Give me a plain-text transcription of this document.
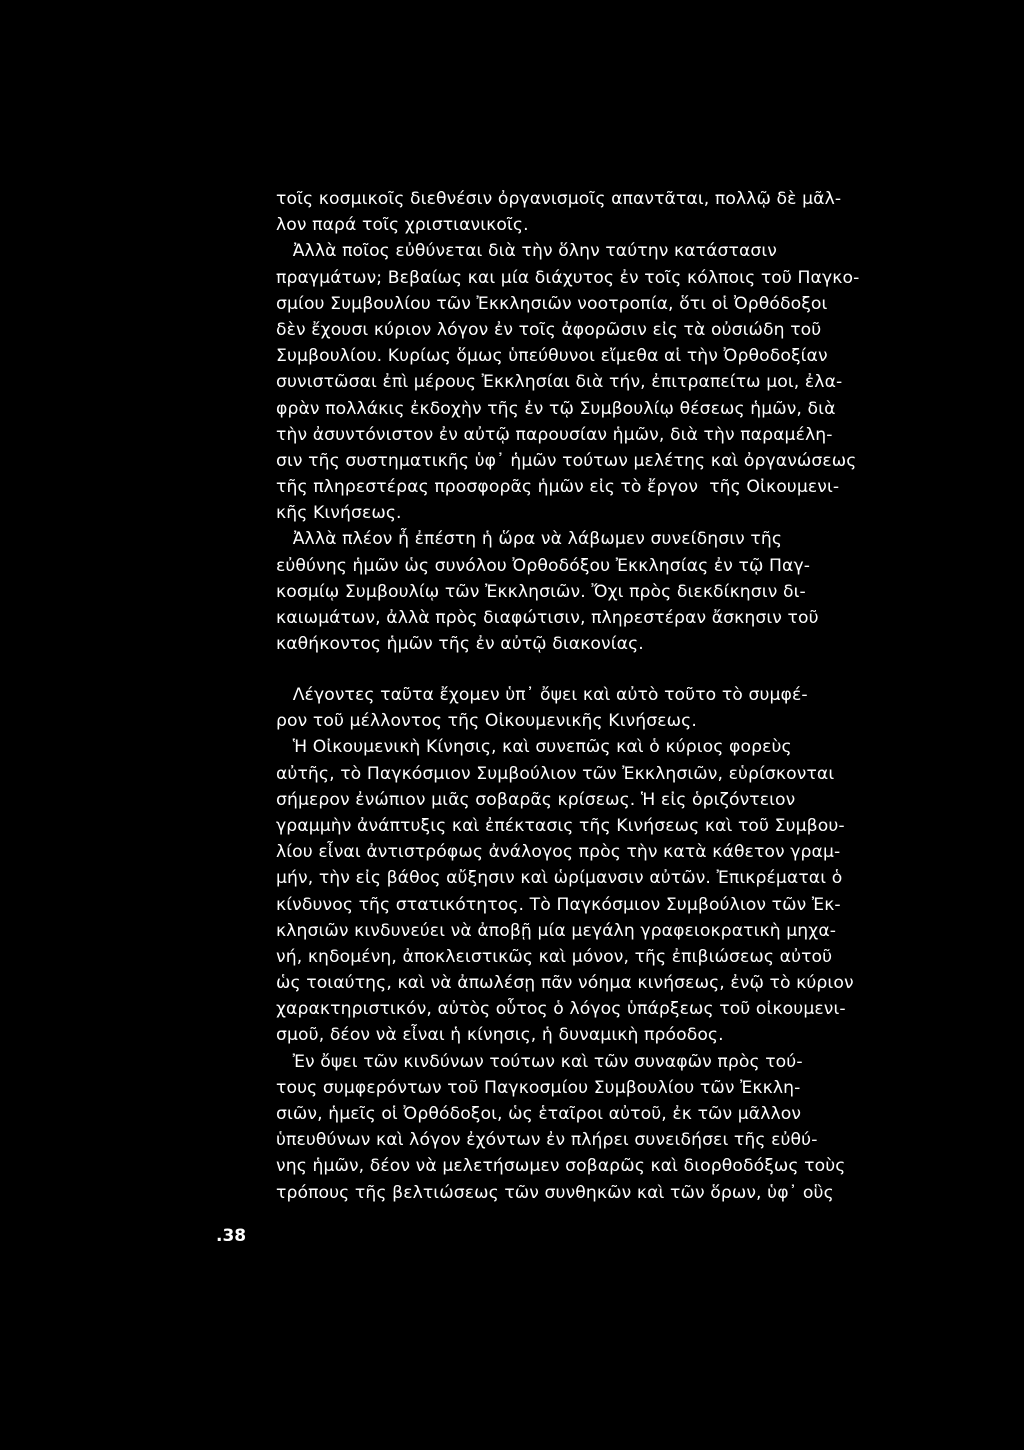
τοῖς κοσμικοῖς διεθνέσιν ὀργανισμοῖς απαντᾶται, πολλῷ δὲ μᾶλ-
λον παρά τοῖς χριστιανικοῖς.
Ἀλλὰ ποῖος εὐθύνεται διὰ τὴν ὅλην ταύτην κατάστασιν
πραγμάτων; Βεβαίως και μία διάχυτος ἐν τοῖς κόλποις τοῦ Παγκο-
σμίου Συμβουλίου τῶν Ἐκκλησιῶν νοοτροπία, ὅτι οἱ Ὀρθόδοξοι
δὲν ἔχουσι κύριον λόγον ἐν τοῖς ἀφορῶσιν εἰς τὰ οὐσιώδη τοῦ
Συμβουλίου. Κυρίως ὅμως ὑπεύθυνοι εἴμεθα αἱ τὴν Ὀρθοδοξίαν
συνιστῶσαι ἐπὶ μέρους Ἐκκλησίαι διὰ τήν, ἐπιτραπείτω μοι, ἐλα-
φρὰν πολλάκις ἐκδοχὴν τῆς ἐν τῷ Συμβουλίῳ θέσεως ἡμῶν, διὰ
τὴν ἀσυντόνιστον ἐν αὐτῷ παρουσίαν ἡμῶν, διὰ τὴν παραμέλη-
σιν τῆς συστηματικῆς ὑφ᾽ ἡμῶν τούτων μελέτης καὶ ὀργανώσεως
τῆς πληρεστέρας προσφορᾶς ἡμῶν εἰς τὸ ἔργον  τῆς Οἰκουμενι-
κῆς Κινήσεως.
Ἀλλὰ πλέον ἦ ἐπέστη ἡ ὥρα νὰ λάβωμεν συνείδησιν τῆς
εὐθύνης ἡμῶν ὡς συνόλου Ὀρθοδόξου Ἐκκλησίας ἐν τῷ Παγ-
κοσμίῳ Συμβουλίῳ τῶν Ἐκκλησιῶν. Ὄχι πρὸς διεκδίκησιν δι-
καιωμάτων, ἀλλὰ πρὸς διαφώτισιν, πληρεστέραν ἄσκησιν τοῦ
καθήκοντος ἡμῶν τῆς ἐν αὐτῷ διακονίας.
Λέγοντες ταῦτα ἔχομεν ὑπ᾽ ὄψει καὶ αὐτὸ τοῦτο τὸ συμφέ-
ρον τοῦ μέλλοντος τῆς Οἰκουμενικῆς Κινήσεως.
Ἡ Οἰκουμενικὴ Κίνησις, καὶ συνεπῶς καὶ ὁ κύριος φορεὺς
αὐτῆς, τὸ Παγκόσμιον Συμβούλιον τῶν Ἐκκλησιῶν, εὑρίσκονται
σήμερον ἐνώπιον μιᾶς σοβαρᾶς κρίσεως. Ἡ εἰς ὁριζόντειον
γραμμὴν ἀνάπτυξις καὶ ἐπέκτασις τῆς Κινήσεως καὶ τοῦ Συμβου-
λίου εἶναι ἀντιστρόφως ἀνάλογος πρὸς τὴν κατὰ κάθετον γραμ-
μήν, τὴν εἰς βάθος αὔξησιν καὶ ὡρίμανσιν αὐτῶν. Ἐπικρέμαται ὁ
κίνδυνος τῆς στατικότητος. Τὸ Παγκόσμιον Συμβούλιον τῶν Ἐκ-
κλησιῶν κινδυνεύει νὰ ἀποβῇ μία μεγάλη γραφειοκρατικὴ μηχα-
νή, κηδομένη, ἀποκλειστικῶς καὶ μόνον, τῆς ἐπιβιώσεως αὐτοῦ
ὡς τοιαύτης, καὶ νὰ ἀπωλέσῃ πᾶν νόημα κινήσεως, ἐνῷ τὸ κύριον
χαρακτηριστικόν, αὐτὸς οὗτος ὁ λόγος ὑπάρξεως τοῦ οἰκουμενι-
σμοῦ, δέον νὰ εἶναι ἡ κίνησις, ἡ δυναμικὴ πρόοδος.
Ἐν ὄψει τῶν κινδύνων τούτων καὶ τῶν συναφῶν πρὸς τού-
τους συμφερόντων τοῦ Παγκοσμίου Συμβουλίου τῶν Ἐκκλη-
σιῶν, ἡμεῖς οἱ Ὀρθόδοξοι, ὡς ἑταῖροι αὐτοῦ, ἐκ τῶν μᾶλλον
ὑπευθύνων καὶ λόγον ἐχόντων ἐν πλήρει συνειδήσει τῆς εὐθύ-
νης ἡμῶν, δέον νὰ μελετήσωμεν σοβαρῶς καὶ διορθοδόξως τοὺς
τρόπους τῆς βελτιώσεως τῶν συνθηκῶν καὶ τῶν ὅρων, ὑφ᾽ οὓς
.38
